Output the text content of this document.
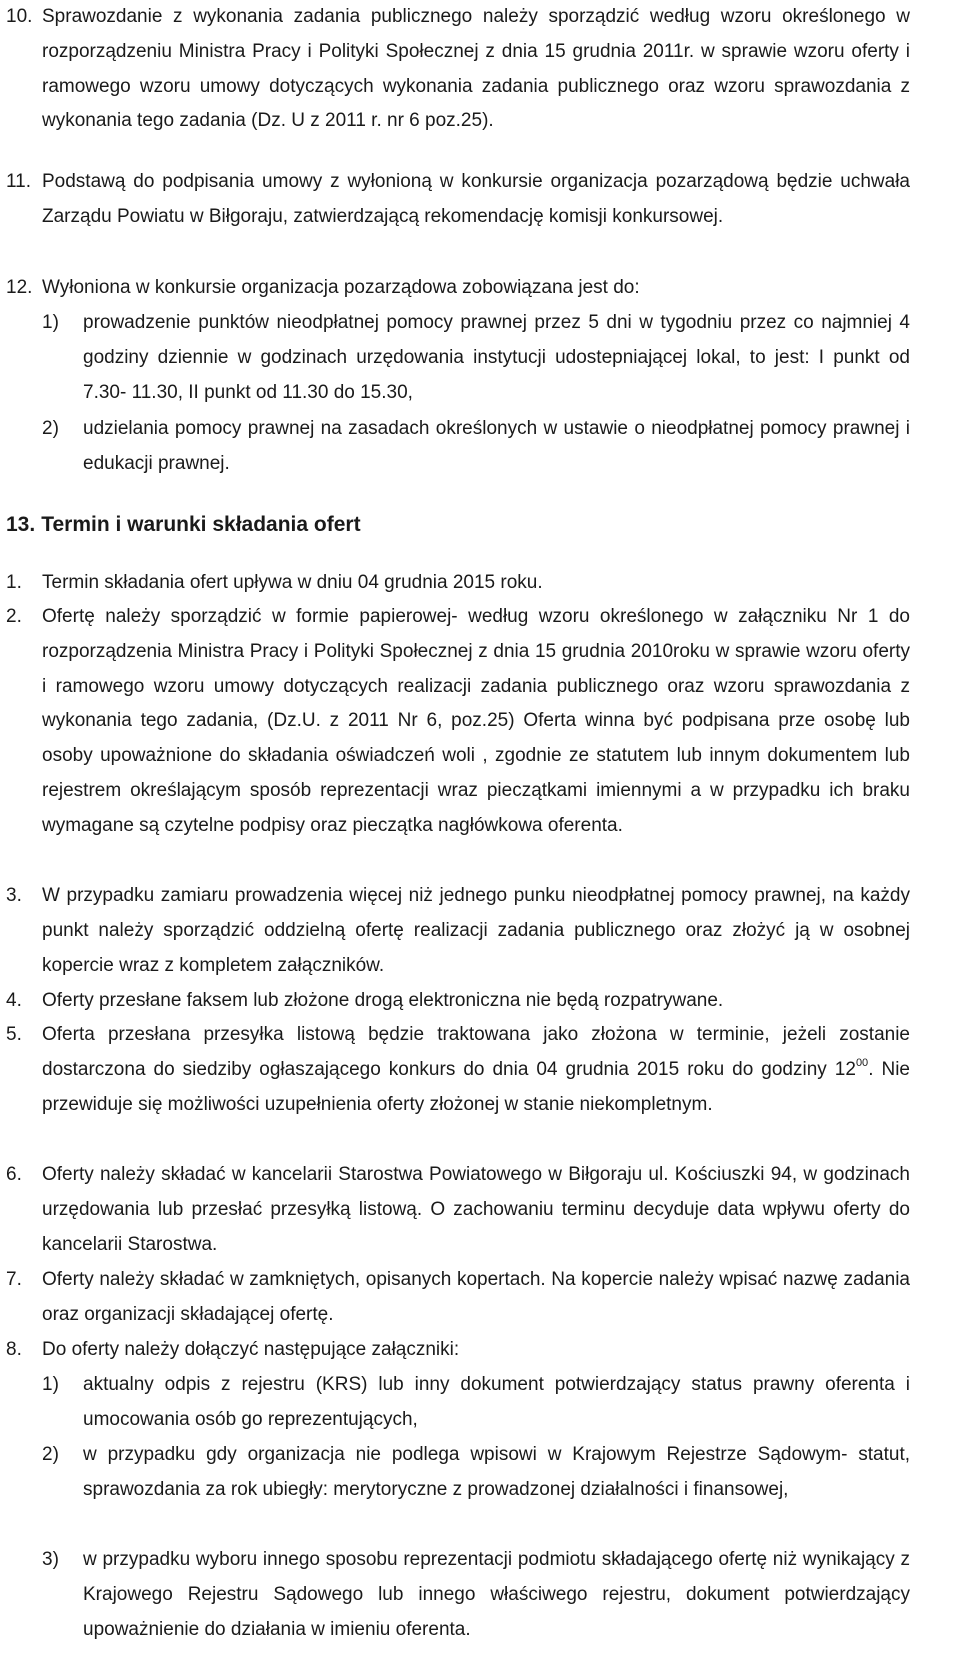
10. Sprawozdanie z wykonania zadania publicznego należy sporządzić według wzoru określonego w rozporządzeniu Ministra Pracy i Polityki Społecznej z dnia 15 grudnia 2011r. w sprawie wzoru oferty i ramowego wzoru umowy dotyczących wykonania zadania publicznego oraz wzoru sprawozdania z wykonania tego zadania (Dz. U z 2011 r. nr 6 poz.25).
11. Podstawą do podpisania umowy z wyłonioną w konkursie organizacja pozarządową będzie uchwała Zarządu Powiatu w Biłgoraju, zatwierdzającą rekomendację komisji konkursowej.
12. Wyłoniona w konkursie organizacja pozarządowa zobowiązana jest do:
1) prowadzenie punktów nieodpłatnej pomocy prawnej przez 5 dni w tygodniu przez co najmniej 4 godziny dziennie w godzinach urzędowania instytucji udostepniającej lokal, to jest: I punkt od 7.30- 11.30, II punkt od 11.30 do 15.30,
2) udzielania pomocy prawnej na zasadach określonych w ustawie o nieodpłatnej pomocy prawnej i edukacji prawnej.
13. Termin i warunki składania ofert
1. Termin składania ofert upływa w dniu 04 grudnia 2015 roku.
2. Ofertę należy sporządzić w formie papierowej- według wzoru określonego w załączniku Nr 1 do rozporządzenia Ministra Pracy i Polityki Społecznej z dnia 15 grudnia 2010roku w sprawie wzoru oferty i ramowego wzoru umowy dotyczących realizacji zadania publicznego oraz wzoru sprawozdania z wykonania tego zadania, (Dz.U. z 2011 Nr 6, poz.25) Oferta winna być podpisana prze osobę lub osoby upoważnione do składania oświadczeń woli , zgodnie ze statutem lub innym dokumentem lub rejestrem określającym sposób reprezentacji wraz pieczątkami imiennymi a w przypadku ich braku wymagane są czytelne podpisy oraz pieczątka nagłówkowa oferenta.
3. W przypadku zamiaru prowadzenia więcej niż jednego punku nieodpłatnej pomocy prawnej, na każdy punkt należy sporządzić oddzielną ofertę realizacji zadania publicznego oraz złożyć ją w osobnej kopercie wraz z kompletem załączników.
4. Oferty przesłane faksem lub złożone drogą elektroniczna nie będą rozpatrywane.
5. Oferta przesłana przesyłka listową będzie traktowana jako złożona w terminie, jeżeli zostanie dostarczona do siedziby ogłaszającego konkurs do dnia 04 grudnia 2015 roku do godziny $12^{00}$. Nie przewiduje się możliwości uzupełnienia oferty złożonej w stanie niekompletnym.
6. Oferty należy składać w kancelarii Starostwa Powiatowego w Biłgoraju ul. Kościuszki 94, w godzinach urzędowania lub przesłać przesyłką listową. O zachowaniu terminu decyduje data wpływu oferty do kancelarii Starostwa.
7. Oferty należy składać w zamkniętych, opisanych kopertach. Na kopercie należy wpisać nazwę zadania oraz organizacji składającej ofertę.
8. Do oferty należy dołączyć następujące załączniki:
1) aktualny odpis z rejestru (KRS) lub inny dokument potwierdzający status prawny oferenta i umocowania osób go reprezentujących,
2) w przypadku gdy organizacja nie podlega wpisowi w Krajowym Rejestrze Sądowym- statut, sprawozdania za rok ubiegły: merytoryczne z prowadzonej działalności i finansowej,
3) w przypadku wyboru innego sposobu reprezentacji podmiotu składającego ofertę niż wynikający z Krajowego Rejestru Sądowego lub innego właściwego rejestru, dokument potwierdzający upoważnienie do działania w imieniu oferenta.
